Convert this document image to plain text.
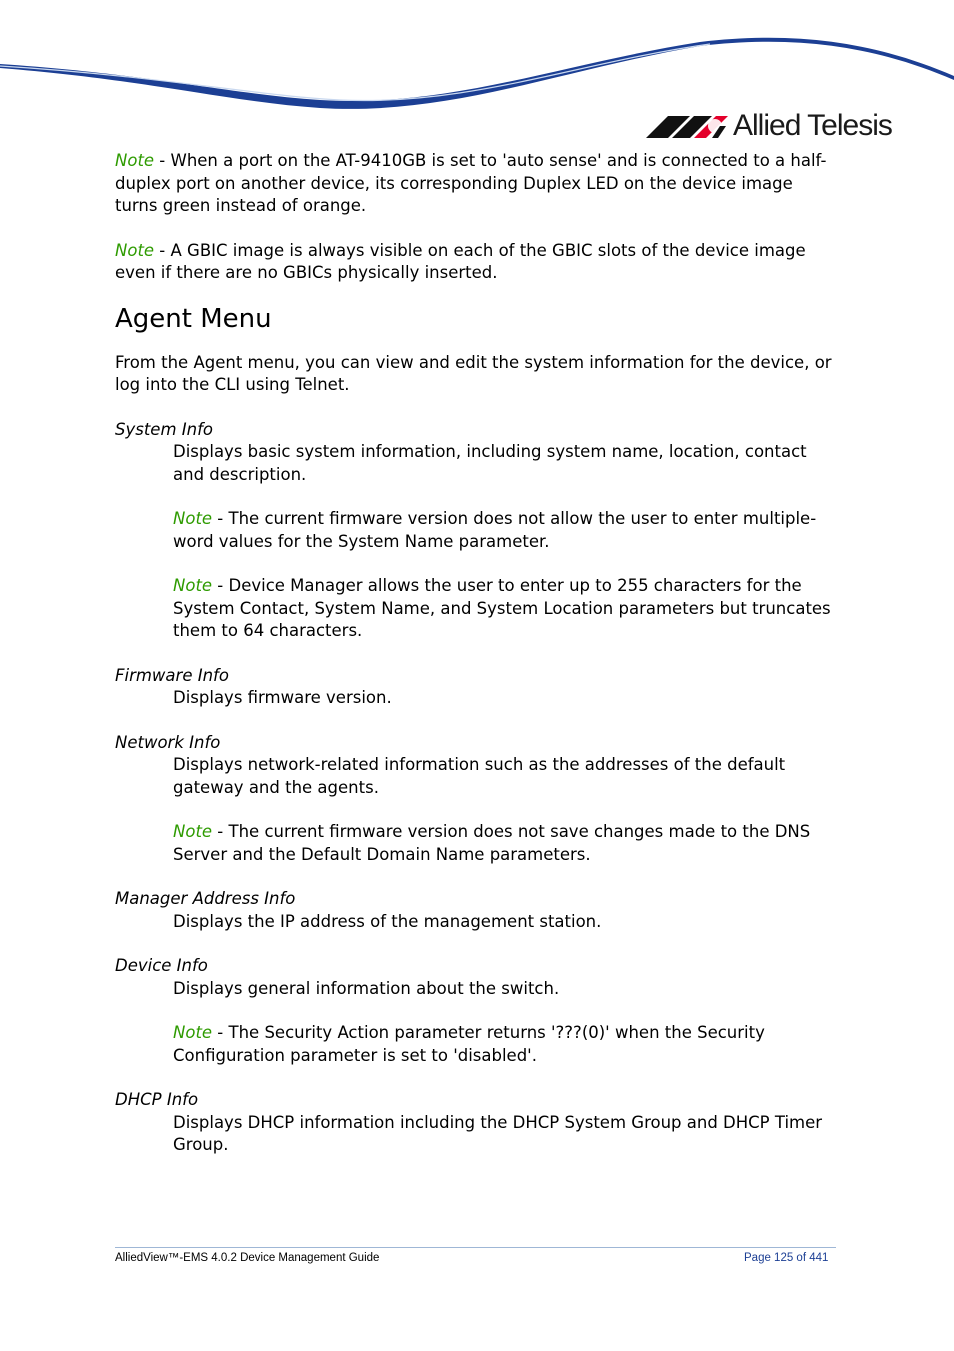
Allied Telesis

Note - When a port on the AT-9410GB is set to 'auto sense' and is connected to a half-duplex port on another device, its corresponding Duplex LED on the device image turns green instead of orange.

Note - A GBIC image is always visible on each of the GBIC slots of the device image even if there are no GBICs physically inserted.

Agent Menu

From the Agent menu, you can view and edit the system information for the device, or log into the CLI using Telnet.

System Info

Displays basic system information, including system name, location, contact and description.

Note - The current firmware version does not allow the user to enter multiple-word values for the System Name parameter.

Note - Device Manager allows the user to enter up to 255 characters for the System Contact, System Name, and System Location parameters but truncates them to 64 characters.

Firmware Info

Displays firmware version.

Network Info

Displays network-related information such as the addresses of the default gateway and the agents.

Note - The current firmware version does not save changes made to the DNS Server and the Default Domain Name parameters.

Manager Address Info

Displays the IP address of the management station.

Device Info

Displays general information about the switch.

Note - The Security Action parameter returns '???(0)' when the Security Configuration parameter is set to 'disabled'.

DHCP Info

Displays DHCP information including the DHCP System Group and DHCP Timer Group.

AlliedView™-EMS 4.0.2 Device Management Guide	Page 125 of 441
